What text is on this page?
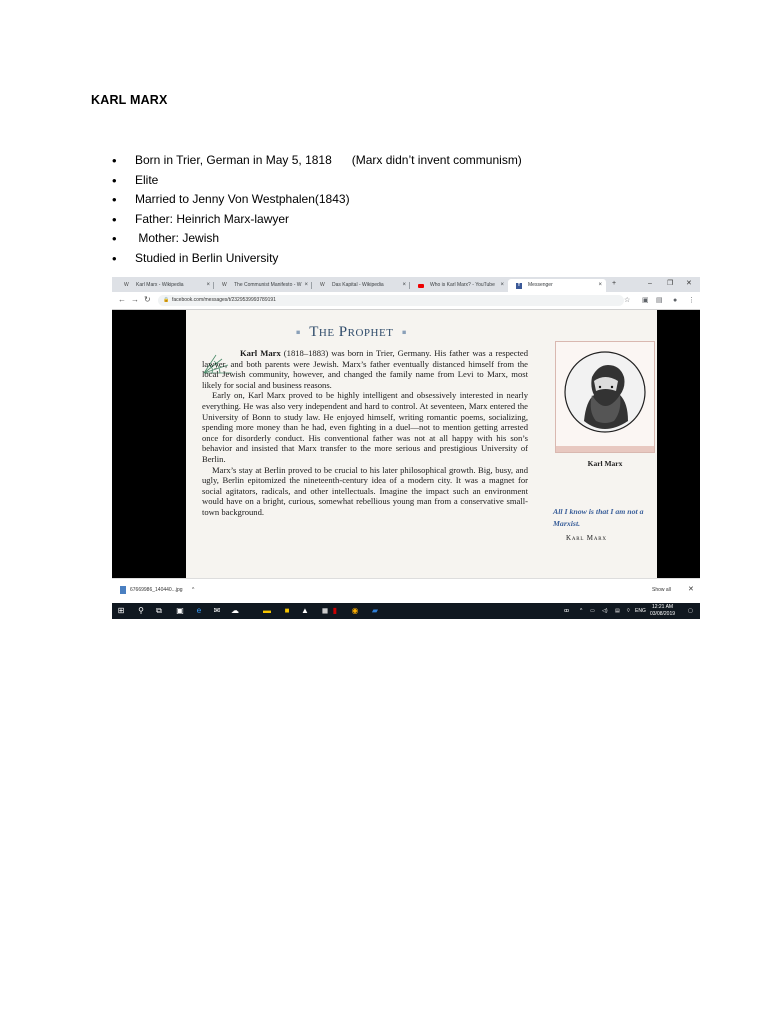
KARL MARX
• Born in Trier, German in May 5, 1818      (Marx didn’t invent communism)
• Elite
• Married to Jenny Von Westphalen(1843)
• Father: Heinrich Marx-lawyer
•  Mother: Jewish
• Studied in Berlin University
W Karl Marx - Wikipedia	× W The Communist Manifesto - W × W Das Kapital - Wikipedia	×	Who is Karl Marx? - YouTube ×	f	Messenger	× +	– ❐ ✕
← → ↻ 🔒 facebook.com/messages/t/2329539993789191	☆ ▣ ▤ ● ⋮
■ The Prophet ■

Karl Marx (1818–1883) was born in Trier, Germany. His father was a respected lawyer, and both parents were Jewish. Marx’s father eventually distanced himself from the local Jewish community, however, and changed the family name from Levi to Marx, most likely for social and business reasons.

Early on, Karl Marx proved to be highly intelligent and obsessively interested in nearly everything. He was also very independent and hard to control. At seventeen, Marx entered the University of Bonn to study law. He enjoyed himself, writing romantic poems, socializing, spending more money than he had, even fighting in a duel—not to mention getting arrested once for disorderly conduct. His conventional father was not at all happy with his son’s behavior and insisted that Marx transfer to the more serious and prestigious University of Berlin.

Marx’s stay at Berlin proved to be crucial to his later philosophical growth. Big, busy, and ugly, Berlin epitomized the nineteenth-century idea of a modern city. It was a magnet for social agitators, radicals, and other intellectuals. Imagine the impact such an environment would have on a bright, curious, somewhat rebellious young man from a conservative small-town background.

Karl Marx
All I know is that I am not a Marxist.
Karl Marx
67669986_140440...jpg ^	Show all ✕
⊞ ⚲ ⧉ ▣	e	✉ ☁	▬	■	▲ ◼ ▮	◉ ▰	ꝏ ^ ▭ ◁) ▤ ⌔ ENG
12:21 AM
03/08/2019	▢
